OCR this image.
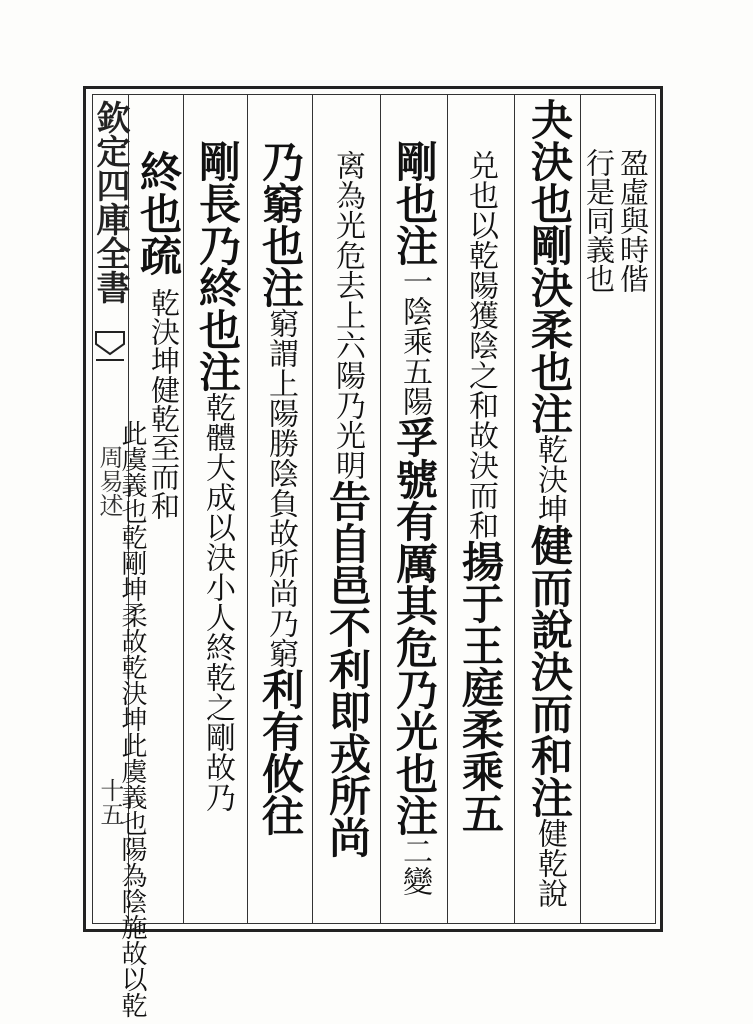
欽定四庫全書
周易述
十五
盈虛與時偕
行是同義也
夬決也剛決柔也注乾決坤健而說決而和注健乾說
兑也以乾陽獲陰之和故決而和揚于王庭柔乘五
剛也注一陰乘五陽孚號有厲其危乃光也注二變
离為光危去上六陽乃光明告自邑不利即戎所尚
乃窮也注窮謂上陽勝陰負故所尚乃窮利有攸往
剛長乃終也注乾體大成以決小人終乾之剛故乃
終也疏
乾決坤健乾至而和
此虞義也乾剛坤柔故乾決坤此虞義也陽為陰施故以乾
